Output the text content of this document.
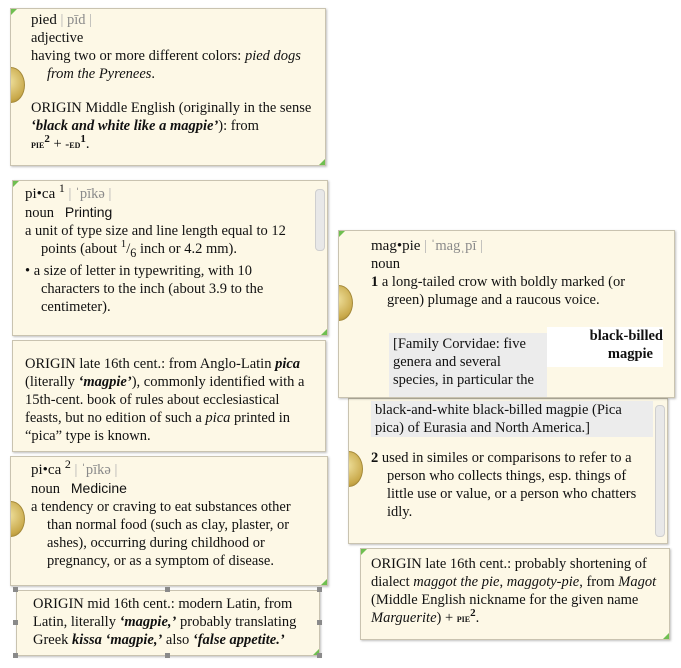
pied | pīd |
adjective
having two or more different colors: pied dogs from the Pyrenees.
ORIGIN Middle English (originally in the sense ‘black and white like a magpie’): from
$pie^2 + -ed^1$.
pi•ca $^1$ | ˈpīkə |
noun Printing
a unit of type size and line length equal to 12 points (about $^1/_6$ inch or 4.2 mm).
• a size of letter in typewriting, with 10 characters to the inch (about 3.9 to the centimeter).
ORIGIN late 16th cent.: from Anglo-Latin pica (literally ‘magpie’), commonly identified with a 15th-cent. book of rules about ecclesiastical feasts, but no edition of such a pica printed in “pica” type is known.
pi•ca $^2$ | ˈpīkə |
noun Medicine
a tendency or craving to eat substances other than normal food (such as clay, plaster, or ashes), occurring during childhood or pregnancy, or as a symptom of disease.
ORIGIN mid 16th cent.: modern Latin, from Latin, literally ‘magpie,’ probably translating Greek kissa ‘magpie,’ also ‘false appetite.’
black-and-white black-billed magpie (Pica pica) of Eurasia and North America.]
2 used in similes or comparisons to refer to a person who collects things, esp. things of little use or value, or a person who chatters idly.
mag•pie | ˈmagˌpī |
noun
1 a long-tailed crow with boldly marked (or green) plumage and a raucous voice.
[Family Corvidae: five genera and several species, in particular the
black-billed
magpie
ORIGIN late 16th cent.: probably shortening of dialect maggot the pie, maggoty-pie, from Magot (Middle English nickname for the given name Marguerite) + pie$^2$.
